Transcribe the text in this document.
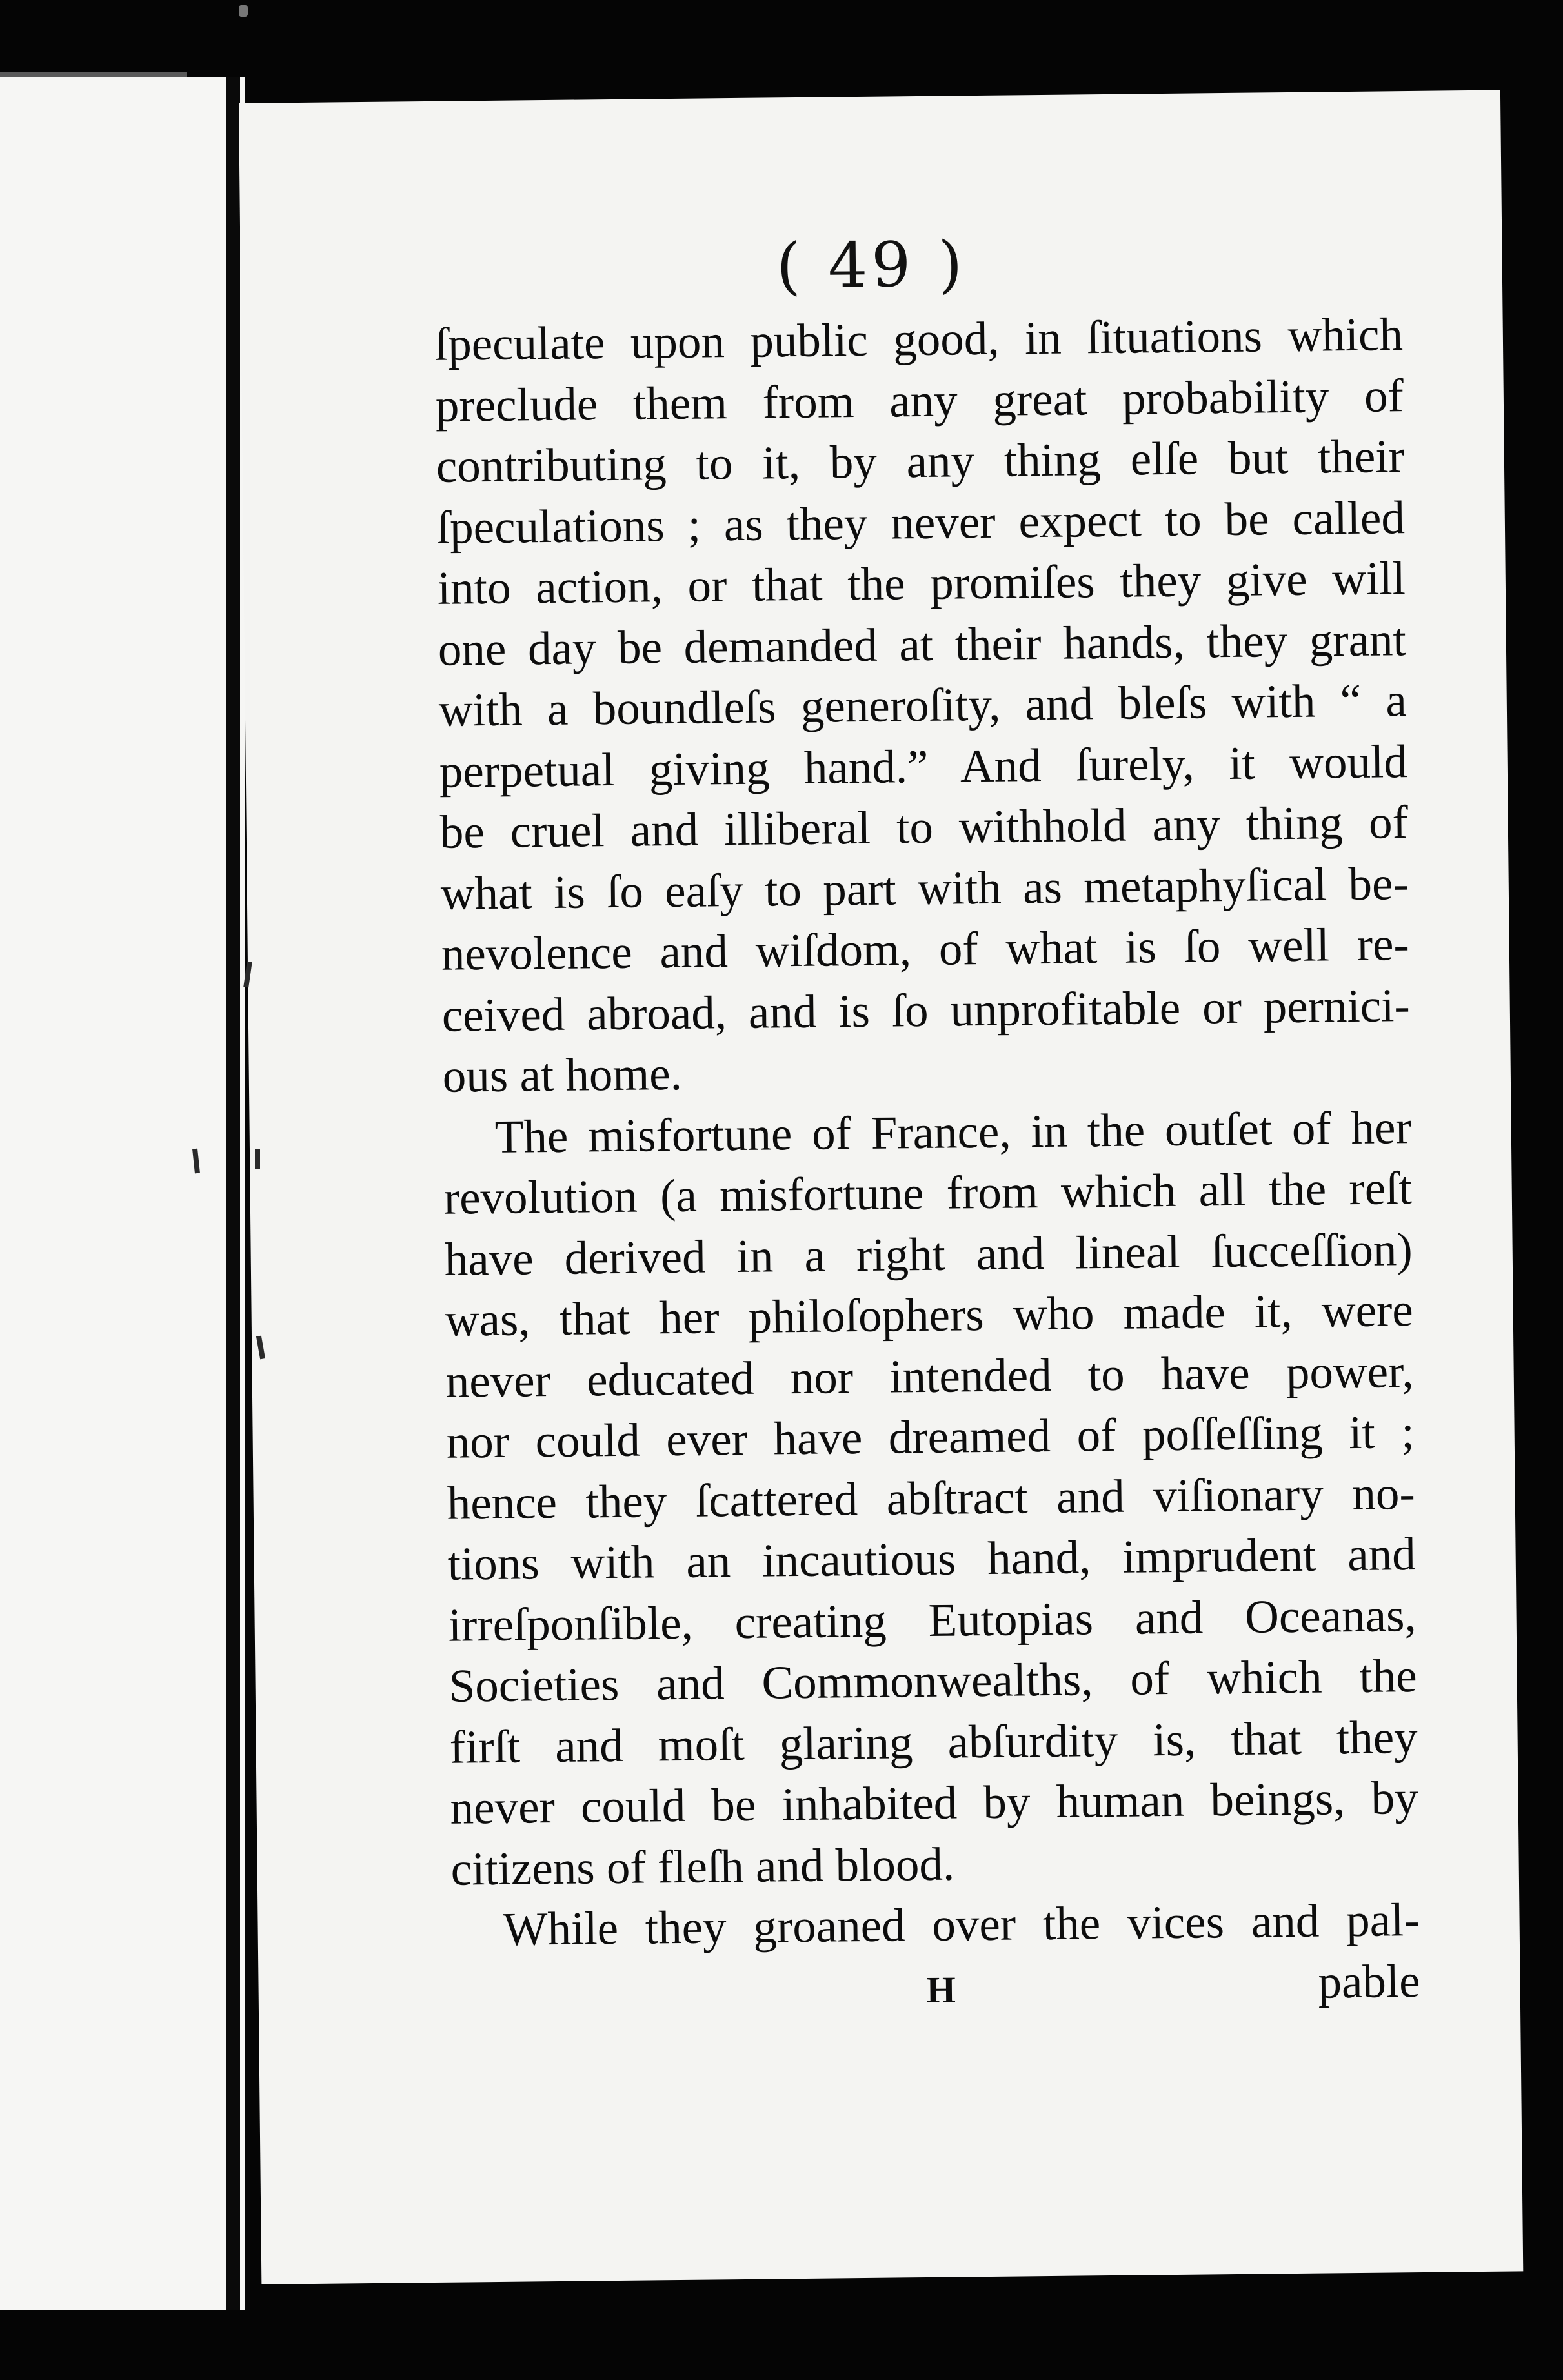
( 49 )
ſpeculate upon public good, in ſituations which
preclude them from any great probability of
contributing to it, by any thing elſe but their
ſpeculations ; as they never expect to be called
into action, or that the promiſes they give will
one day be demanded at their hands, they grant
with a boundleſs generoſity, and bleſs with “ a
perpetual giving hand.” And ſurely, it would
be cruel and illiberal to withhold any thing of
what is ſo eaſy to part with as metaphyſical be-
nevolence and wiſdom, of what is ſo well re-
ceived abroad, and is ſo unprofitable or pernici-
ous at home.
The misfortune of France, in the outſet of her
revolution (a misfortune from which all the reſt
have derived in a right and lineal ſucceſſion)
was, that her philoſophers who made it, were
never educated nor intended to have power,
nor could ever have dreamed of poſſeſſing it ;
hence they ſcattered abſtract and viſionary no-
tions with an incautious hand, imprudent and
irreſponſible, creating Eutopias and Oceanas,
Societies and Commonwealths, of which the
firſt and moſt glaring abſurdity is, that they
never could be inhabited by human beings, by
citizens of fleſh and blood.
While they groaned over the vices and pal-
H	pable
